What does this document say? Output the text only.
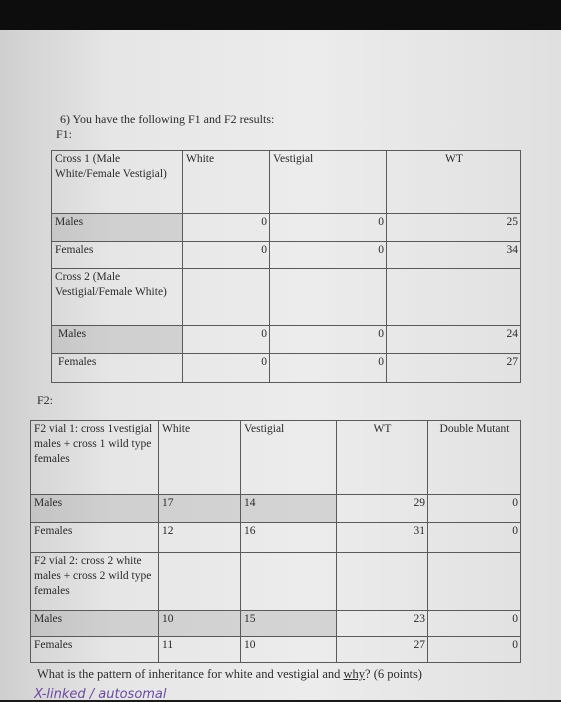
6) You have the following F1 and F2 results:
F1:
Cross 1 (Male White/Female Vestigial)	White	Vestigial	WT
Males	0	0	25
Females	0	0	34
Cross 2 (Male Vestigial/Female White)			
Males	0	0	24
Females	0	0	27
F2:
F2 vial 1: cross 1vestigial males + cross 1 wild type females	White	Vestigial	WT	Double Mutant
Males	17	14	29	0
Females	12	16	31	0
F2 vial 2: cross 2 white males + cross 2 wild type females				
Males	10	15	23	0
Females	11	10	27	0
What is the pattern of inheritance for white and vestigial and why? (6 points)
X-linked / autosomal
